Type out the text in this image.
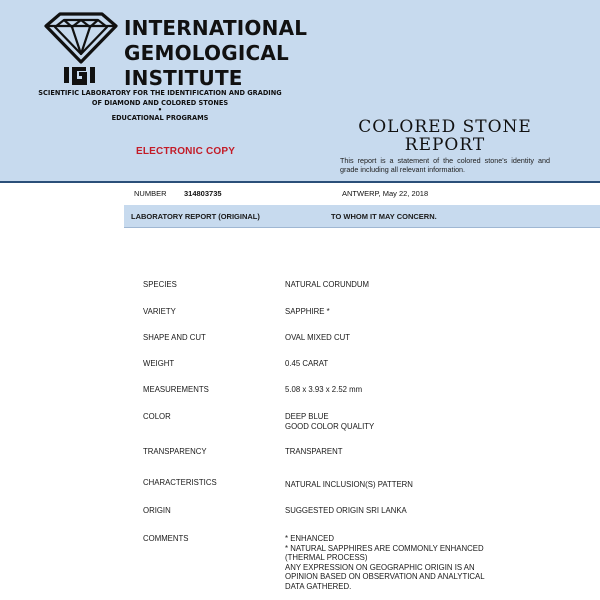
INTERNATIONAL
GEMOLOGICAL
INSTITUTE
SCIENTIFIC LABORATORY FOR THE IDENTIFICATION AND GRADING
OF DIAMOND AND COLORED STONES
•
EDUCATIONAL PROGRAMS
ELECTRONIC COPY
COLORED STONE
REPORT
This report is a statement of the colored stone's identity and grade including all relevant information.
NUMBER 314803735	ANTWERP, May 22, 2018
LABORATORY REPORT (ORIGINAL)	TO WHOM IT MAY CONCERN.
SPECIES	NATURAL CORUNDUM
VARIETY	SAPPHIRE *
SHAPE AND CUT	OVAL MIXED CUT
WEIGHT	0.45 CARAT
MEASUREMENTS	5.08 x 3.93 x 2.52 mm
COLOR	DEEP BLUE
GOOD COLOR QUALITY
TRANSPARENCY	TRANSPARENT
CHARACTERISTICS	NATURAL INCLUSION(S) PATTERN
ORIGIN	SUGGESTED ORIGIN SRI LANKA
COMMENTS	* ENHANCED
* NATURAL SAPPHIRES ARE COMMONLY ENHANCED
(THERMAL PROCESS)
ANY EXPRESSION ON GEOGRAPHIC ORIGIN IS AN
OPINION BASED ON OBSERVATION AND ANALYTICAL
DATA GATHERED.
